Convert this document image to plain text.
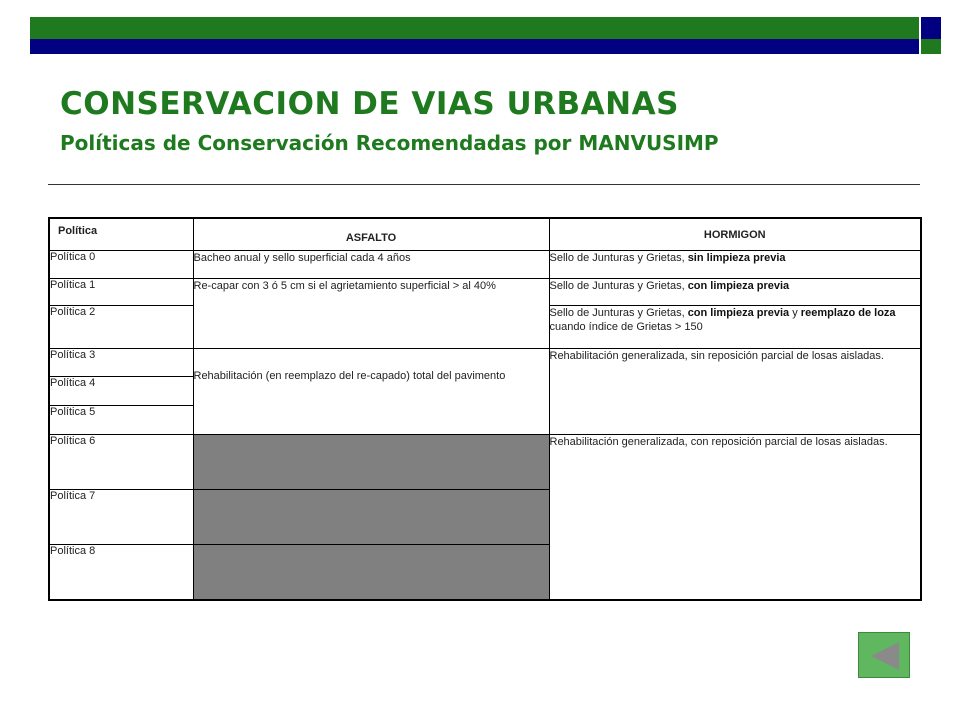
CONSERVACION DE VIAS URBANAS
Políticas de Conservación Recomendadas por MANVUSIMP
Política	ASFALTO	HORMIGON
Política 0	Bacheo anual y sello superficial cada 4 años	Sello de Junturas y Grietas, sin limpieza previa
Política 1	Re-capar con 3 ó 5 cm si el agrietamiento superficial > al 40%	Sello de Junturas y Grietas, con limpieza previa
Política 2		Sello de Junturas y Grietas, con limpieza previa y reemplazo de loza cuando índice de Grietas > 150
Política 3	Rehabilitación (en reemplazo del re-capado) total del pavimento	Rehabilitación generalizada, sin reposición parcial de losas aisladas.
Política 4		
Política 5		
Política 6		Rehabilitación generalizada, con reposición parcial de losas aisladas.
Política 7		
Política 8		
